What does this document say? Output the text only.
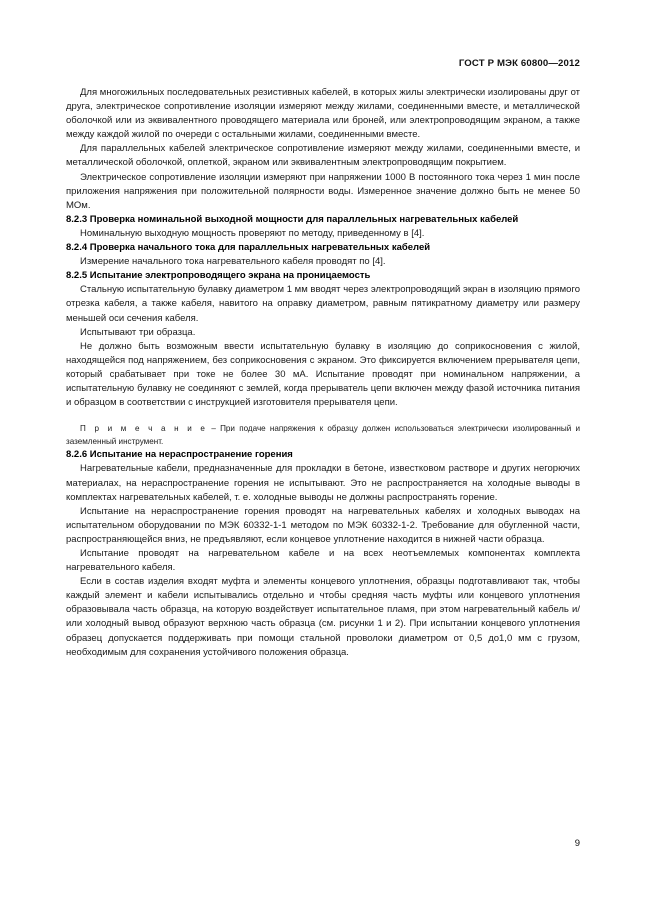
ГОСТ Р МЭК 60800—2012

Для многожильных последовательных резистивных кабелей, в которых жилы электрически изолированы друг от друга, электрическое сопротивление изоляции измеряют между жилами, соединенными вместе, и металлической оболочкой или из эквивалентного проводящего материала или броней, или электропроводящим экраном, а также между каждой жилой по очереди с остальными жилами, соединенными вместе.

Для параллельных кабелей электрическое сопротивление измеряют между жилами, соединенными вместе, и металлической оболочкой, оплеткой, экраном или эквивалентным электропроводящим покрытием.

Электрическое сопротивление изоляции измеряют при напряжении 1000 В постоянного тока через 1 мин после приложения напряжения при положительной полярности воды. Измеренное значение должно быть не менее 50 МОм.

8.2.3 Проверка номинальной выходной мощности для параллельных нагревательных кабелей

Номинальную выходную мощность проверяют по методу, приведенному в [4].

8.2.4 Проверка начального тока для параллельных нагревательных кабелей

Измерение начального тока нагревательного кабеля проводят по [4].

8.2.5 Испытание электропроводящего экрана на проницаемость

Стальную испытательную булавку диаметром 1 мм вводят через электропроводящий экран в изоляцию прямого отрезка кабеля, а также кабеля, навитого на оправку диаметром, равным пятикратному диаметру или размеру меньшей оси сечения кабеля.

Испытывают три образца.

Не должно быть возможным ввести испытательную булавку в изоляцию до соприкосновения с жилой, находящейся под напряжением, без соприкосновения с экраном. Это фиксируется включением прерывателя цепи, который срабатывает при токе не более 30 мА. Испытание проводят при номинальном напряжении, а испытательную булавку не соединяют с землей, когда прерыватель цепи включен между фазой источника питания и образцом в соответствии с инструкцией изготовителя прерывателя цепи.

П р и м е ч а н и е – При подаче напряжения к образцу должен использоваться электрически изолированный и заземленный инструмент.

8.2.6 Испытание на нераспространение горения

Нагревательные кабели, предназначенные для прокладки в бетоне, известковом растворе и других негорючих материалах, на нераспространение горения не испытывают. Это не распространяется на холодные выводы в комплектах нагревательных кабелей, т. е. холодные выводы не должны распространять горение.

Испытание на нераспространение горения проводят на нагревательных кабелях и холодных выводах на испытательном оборудовании по МЭК 60332-1-1 методом по МЭК 60332-1-2. Требование для обугленной части, распространяющейся вниз, не предъявляют, если концевое уплотнение находится в нижней части образца.

Испытание проводят на нагревательном кабеле и на всех неотъемлемых компонентах комплекта нагревательного кабеля.

Если в состав изделия входят муфта и элементы концевого уплотнения, образцы подготавливают так, чтобы каждый элемент и кабели испытывались отдельно и чтобы средняя часть муфты или концевого уплотнения образовывала часть образца, на которую воздействует испытательное пламя, при этом нагревательный кабель и/или холодный вывод образуют верхнюю часть образца (см. рисунки 1 и 2). При испытании концевого уплотнения образец допускается поддерживать при помощи стальной проволоки диаметром от 0,5 до1,0 мм с грузом, необходимым для сохранения устойчивого положения образца.

9
